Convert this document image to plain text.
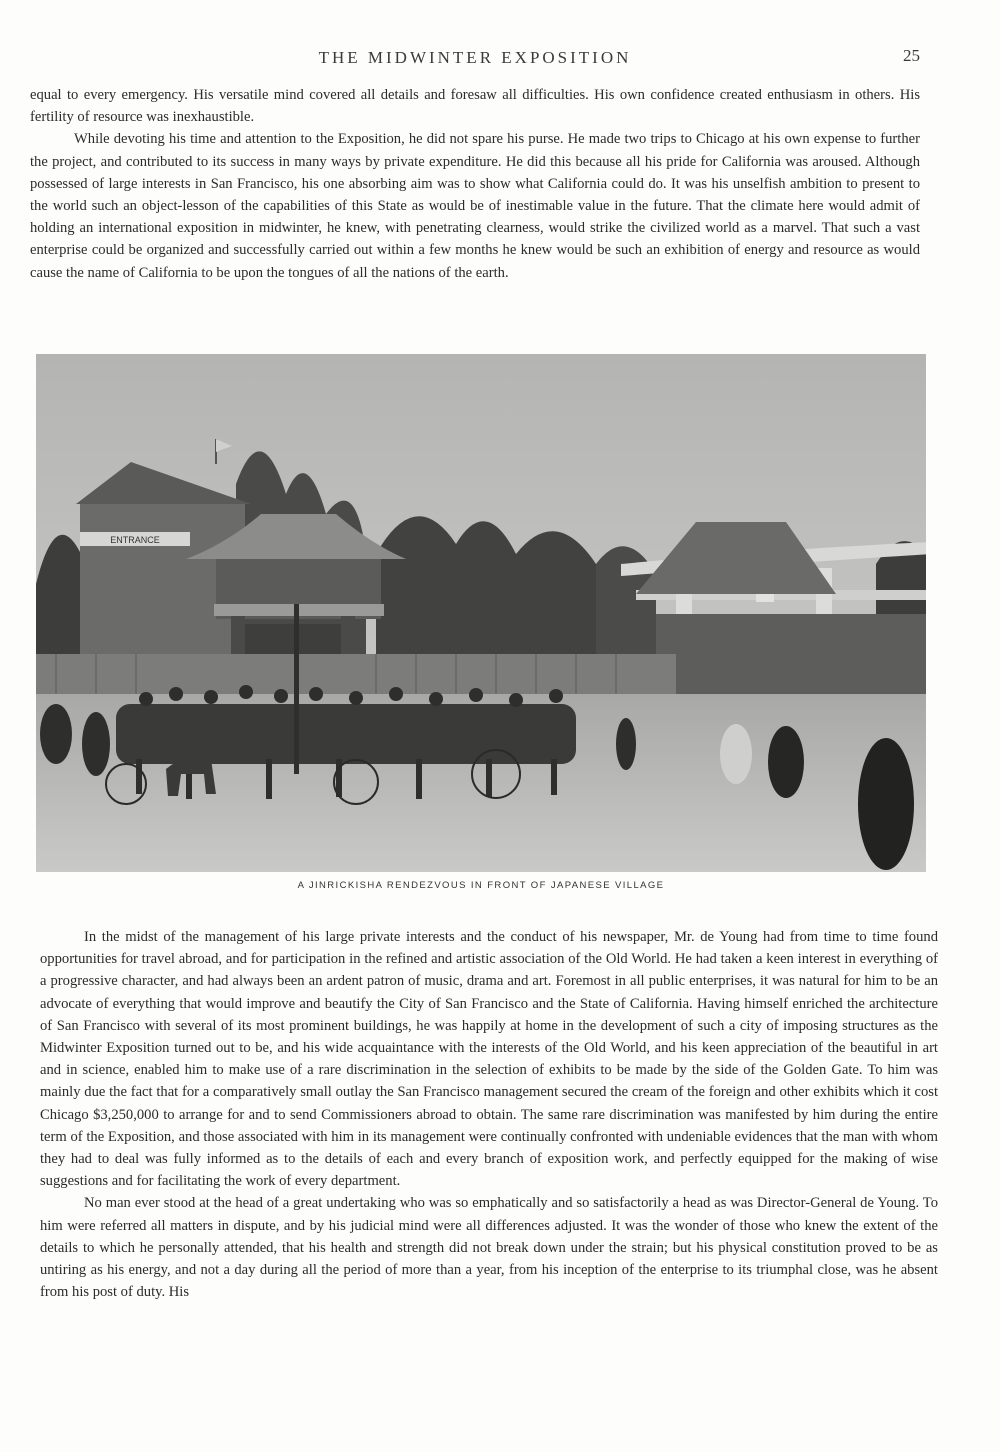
THE MIDWINTER EXPOSITION	25

equal to every emergency. His versatile mind covered all details and foresaw all difficulties. His own confidence created enthusiasm in others. His fertility of resource was inexhaustible.

While devoting his time and attention to the Exposition, he did not spare his purse. He made two trips to Chicago at his own expense to further the project, and contributed to its success in many ways by private expenditure. He did this because all his pride for California was aroused. Although possessed of large interests in San Francisco, his one absorbing aim was to show what California could do. It was his unselfish ambition to present to the world such an object-lesson of the capabilities of this State as would be of inestimable value in the future. That the climate here would admit of holding an international exposition in midwinter, he knew, with penetrating clearness, would strike the civilized world as a marvel. That such a vast enterprise could be organized and successfully carried out within a few months he knew would be such an exhibition of energy and resource as would cause the name of California to be upon the tongues of all the nations of the earth.

ENTRANCE
A JINRICKISHA RENDEZVOUS IN FRONT OF JAPANESE VILLAGE

In the midst of the management of his large private interests and the conduct of his newspaper, Mr. de Young had from time to time found opportunities for travel abroad, and for participation in the refined and artistic association of the Old World. He had taken a keen interest in everything of a progressive character, and had always been an ardent patron of music, drama and art. Foremost in all public enterprises, it was natural for him to be an advocate of everything that would improve and beautify the City of San Francisco and the State of California. Having himself enriched the architecture of San Francisco with several of its most prominent buildings, he was happily at home in the development of such a city of imposing structures as the Midwinter Exposition turned out to be, and his wide acquaintance with the interests of the Old World, and his keen appreciation of the beautiful in art and in science, enabled him to make use of a rare discrimination in the selection of exhibits to be made by the side of the Golden Gate. To him was mainly due the fact that for a comparatively small outlay the San Francisco management secured the cream of the foreign and other exhibits which it cost Chicago $3,250,000 to arrange for and to send Commissioners abroad to obtain. The same rare discrimination was manifested by him during the entire term of the Exposition, and those associated with him in its management were continually confronted with undeniable evidences that the man with whom they had to deal was fully informed as to the details of each and every branch of exposition work, and perfectly equipped for the making of wise suggestions and for facilitating the work of every department.

No man ever stood at the head of a great undertaking who was so emphatically and so satisfactorily a head as was Director-General de Young. To him were referred all matters in dispute, and by his judicial mind were all differences adjusted. It was the wonder of those who knew the extent of the details to which he personally attended, that his health and strength did not break down under the strain; but his physical constitution proved to be as untiring as his energy, and not a day during all the period of more than a year, from his inception of the enterprise to its triumphal close, was he absent from his post of duty. His
